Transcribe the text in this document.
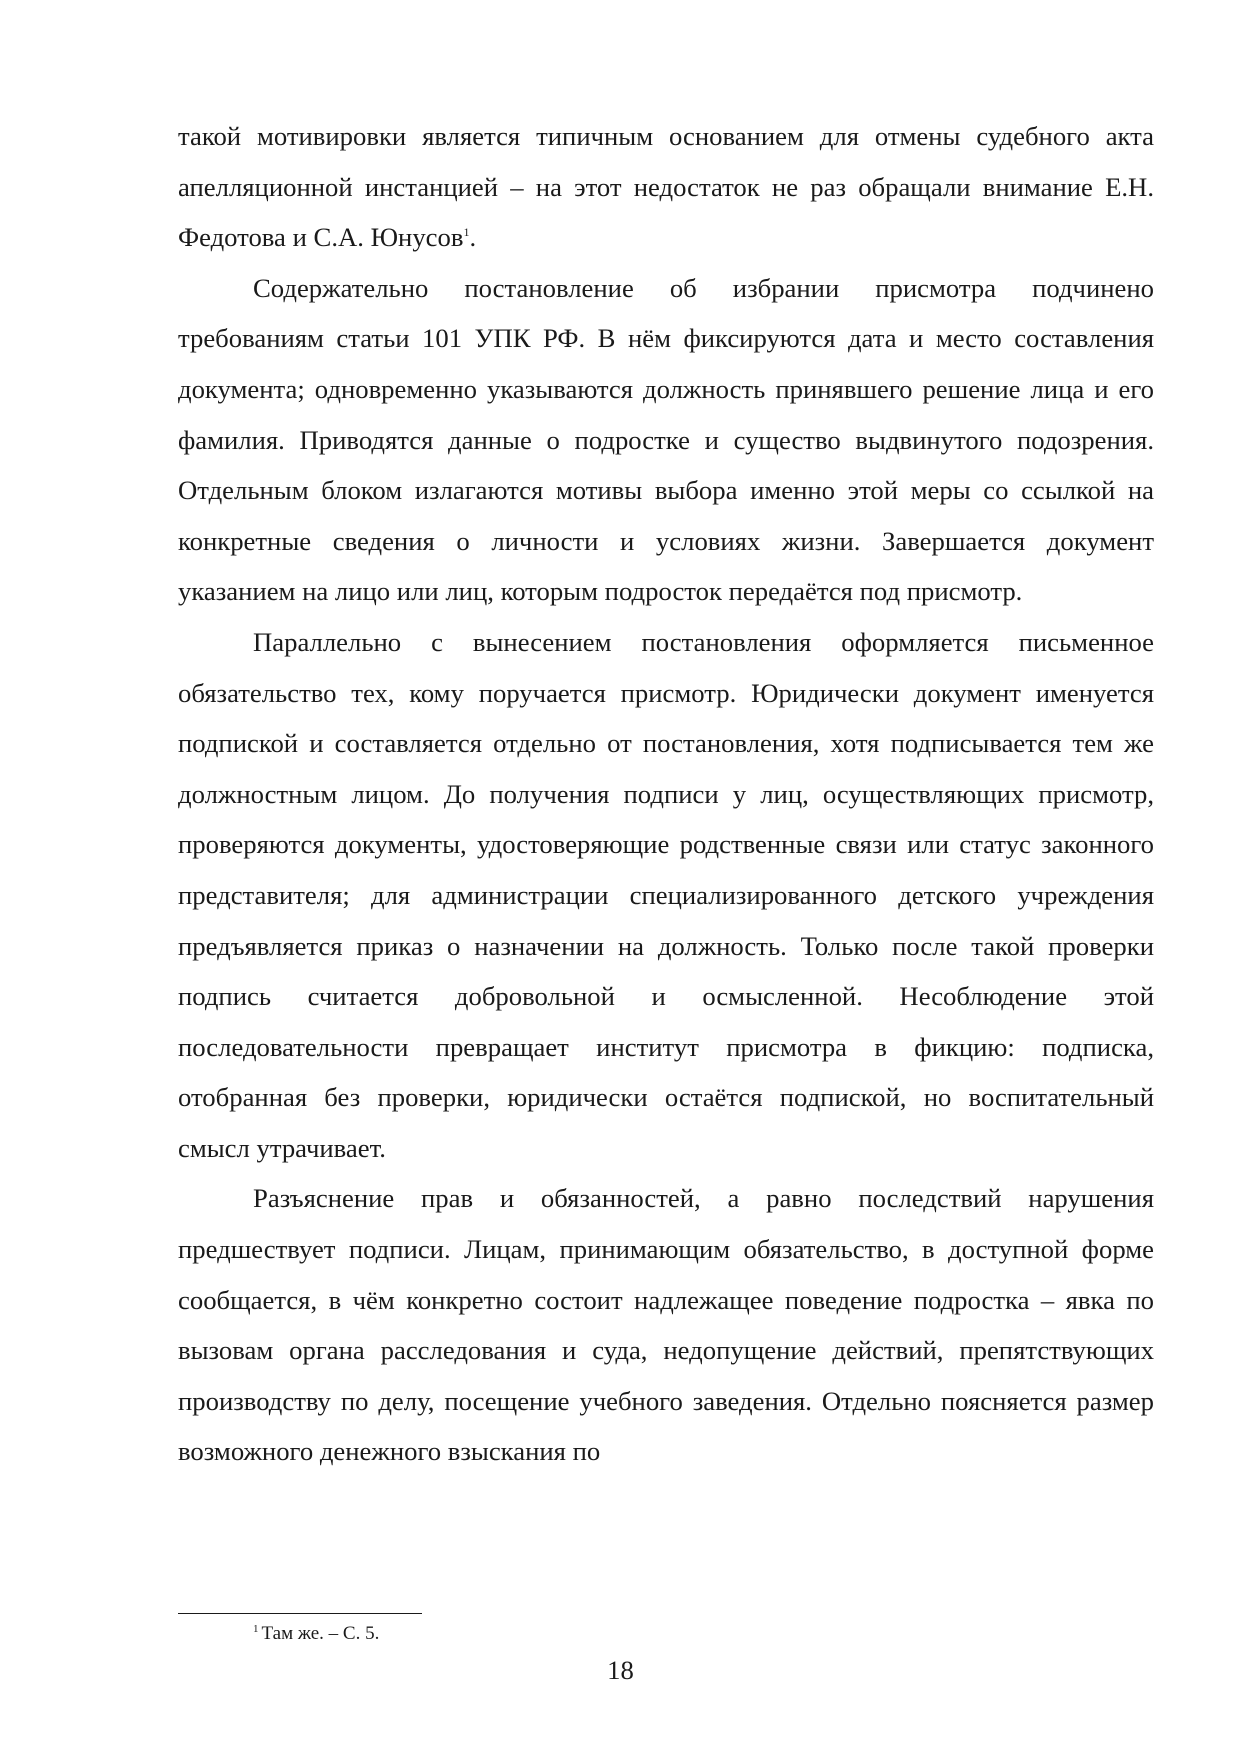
такой мотивировки является типичным основанием для отмены судебного акта апелляционной инстанцией – на этот недостаток не раз обращали внимание Е.Н. Федотова и С.А. Юнусов$^1$.

Содержательно постановление об избрании присмотра подчинено требованиям статьи 101 УПК РФ. В нём фиксируются дата и место составления документа; одновременно указываются должность принявшего решение лица и его фамилия. Приводятся данные о подростке и существо выдвинутого подозрения. Отдельным блоком излагаются мотивы выбора именно этой меры со ссылкой на конкретные сведения о личности и условиях жизни. Завершается документ указанием на лицо или лиц, которым подросток передаётся под присмотр.

Параллельно с вынесением постановления оформляется письменное обязательство тех, кому поручается присмотр. Юридически документ именуется подпиской и составляется отдельно от постановления, хотя подписывается тем же должностным лицом. До получения подписи у лиц, осуществляющих присмотр, проверяются документы, удостоверяющие родственные связи или статус законного представителя; для администрации специализированного детского учреждения предъявляется приказ о назначении на должность. Только после такой проверки подпись считается добровольной и осмысленной. Несоблюдение этой последовательности превращает институт присмотра в фикцию: подписка, отобранная без проверки, юридически остаётся подпиской, но воспитательный смысл утрачивает.

Разъяснение прав и обязанностей, а равно последствий нарушения предшествует подписи. Лицам, принимающим обязательство, в доступной форме сообщается, в чём конкретно состоит надлежащее поведение подростка – явка по вызовам органа расследования и суда, недопущение действий, препятствующих производству по делу, посещение учебного заведения. Отдельно поясняется размер возможного денежного взыскания по

$^1$ Там же. – С. 5.
18
